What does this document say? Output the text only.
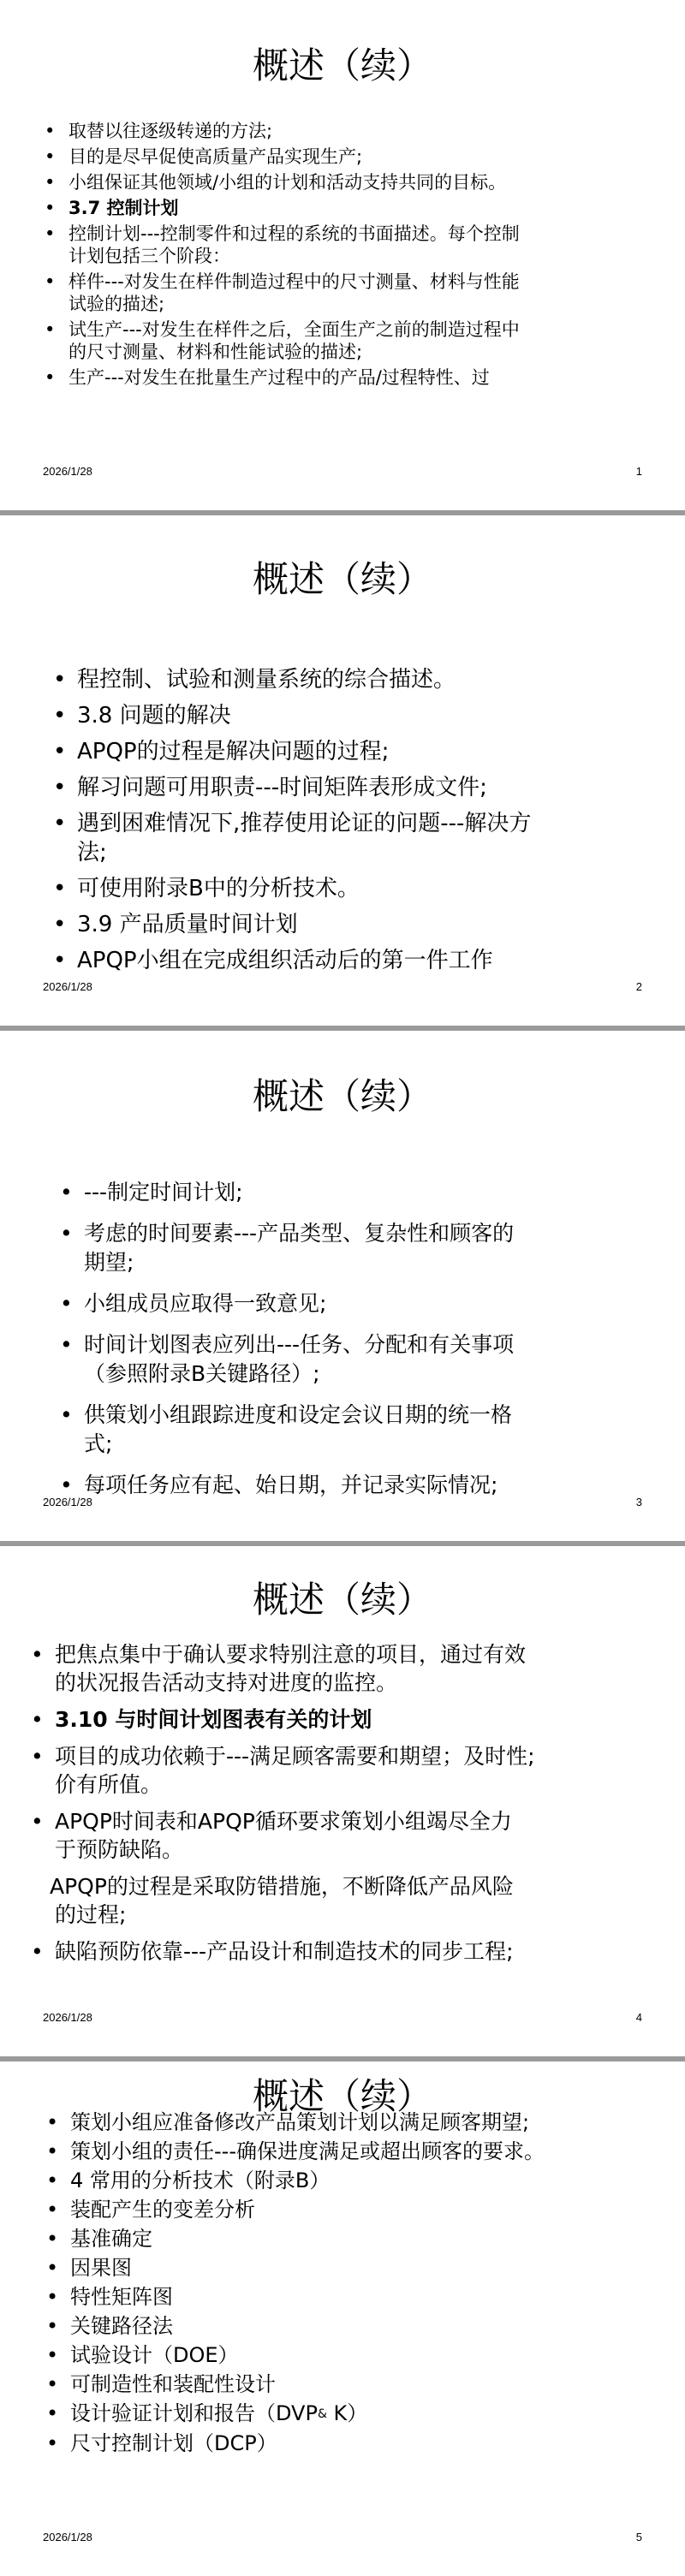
概述（续）
• 取替以往逐级转递的方法;
• 目的是尽早促使高质量产品实现生产;
• 小组保证其他领域/小组的计划和活动支持共同的目标。
• 3.7 控制计划
• 控制计划---控制零件和过程的系统的书面描述。每个控制
计划包括三个阶段：
• 样件---对发生在样件制造过程中的尺寸测量、材料与性能
试验的描述;
• 试生产---对发生在样件之后，全面生产之前的制造过程中
的尺寸测量、材料和性能试验的描述;
• 生产---对发生在批量生产过程中的产品/过程特性、过
2026/1/28	1
概述（续）
• 程控制、试验和测量系统的综合描述。
• 3.8 问题的解决
• APQP的过程是解决问题的过程;
• 解习问题可用职责---时间矩阵表形成文件;
• 遇到困难情况下,推荐使用论证的问题---解决方
法;
• 可使用附录B中的分析技术。
• 3.9 产品质量时间计划
• APQP小组在完成组织活动后的第一件工作
2026/1/28	2
概述（续）
• ---制定时间计划;
• 考虑的时间要素---产品类型、复杂性和顾客的
期望;
• 小组成员应取得一致意见;
• 时间计划图表应列出---任务、分配和有关事项
（参照附录B关键路径）;
• 供策划小组跟踪进度和设定会议日期的统一格
式;
• 每项任务应有起、始日期，并记录实际情况;
2026/1/28	3
概述（续）
• 把焦点集中于确认要求特别注意的项目，通过有效
的状况报告活动支持对进度的监控。
• 3.10 与时间计划图表有关的计划
• 项目的成功依赖于---满足顾客需要和期望；及时性;
价有所值。
• APQP时间表和APQP循环要求策划小组竭尽全力
于预防缺陷。
APQP的过程是采取防错措施，不断降低产品风险
的过程;
• 缺陷预防依靠---产品设计和制造技术的同步工程;
2026/1/28	4
概述（续）
• 策划小组应准备修改产品策划计划以满足顾客期望;
• 策划小组的责任---确保进度满足或超出顾客的要求。
• 4 常用的分析技术（附录B）
• 装配产生的变差分析
• 基准确定
• 因果图
• 特性矩阵图
• 关键路径法
• 试验设计（DOE）
• 可制造性和装配性设计
• 设计验证计划和报告（DVP& K）
• 尺寸控制计划（DCP）
2026/1/28	5
